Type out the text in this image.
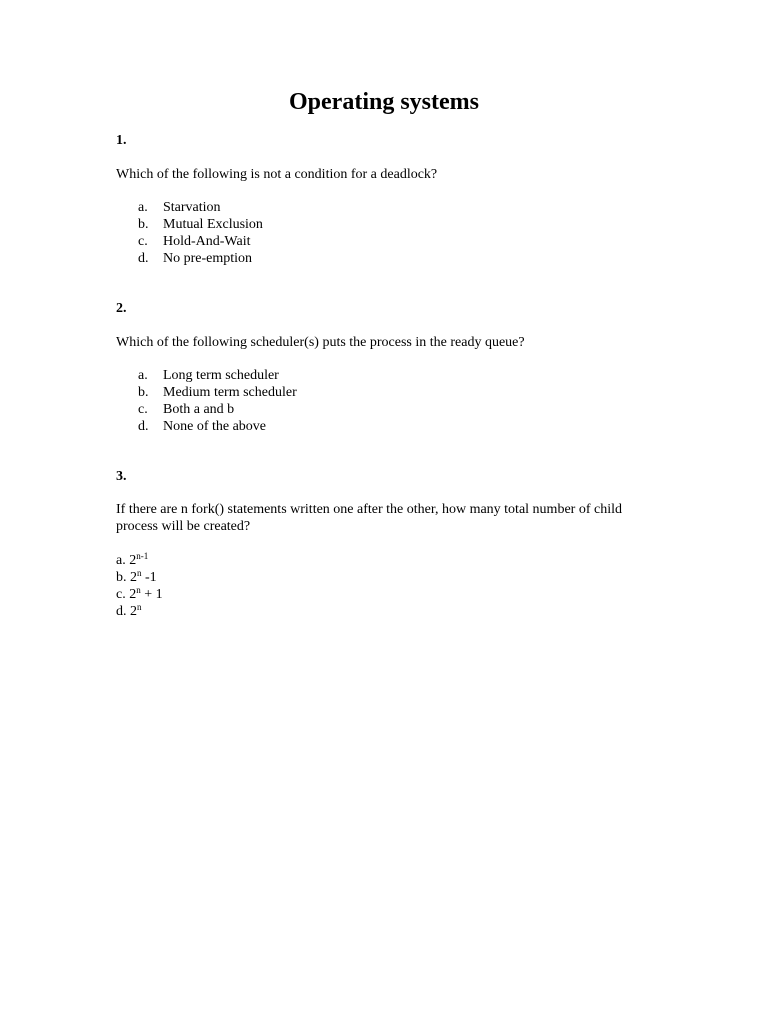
Operating systems

1.

Which of the following is not a condition for a deadlock?

a. Starvation
b. Mutual Exclusion
c. Hold-And-Wait
d. No pre-emption

2.

Which of the following scheduler(s) puts the process in the ready queue?

a. Long term scheduler
b. Medium term scheduler
c. Both a and b
d. None of the above

3.

If there are n fork() statements written one after the other, how many total number of child process will be created?

a. 2$^{n-1}$
b. 2$^n$ -1
c. $2^n + 1$
d. 2$^n$
